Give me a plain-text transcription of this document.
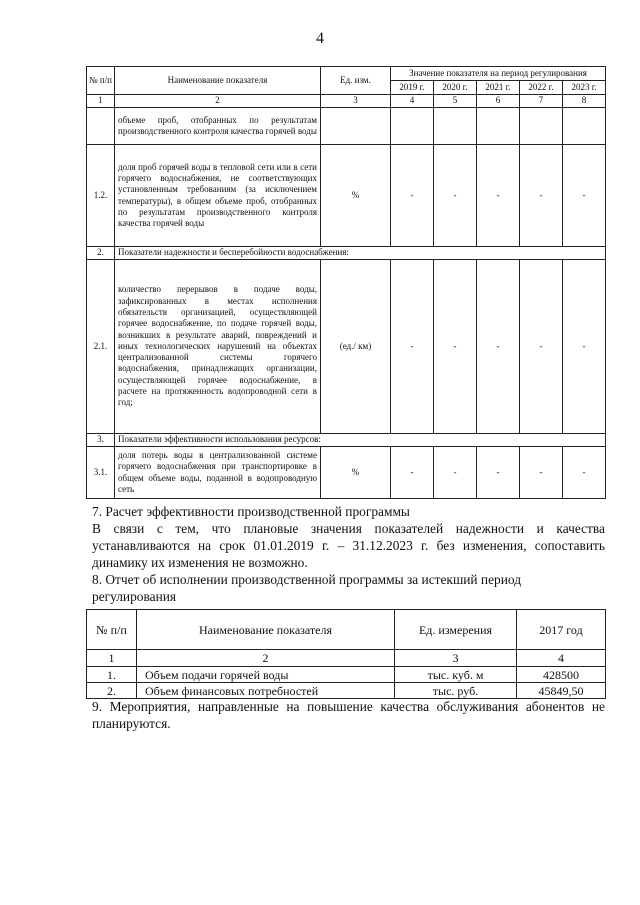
4
№ п/п	Наименование показателя	Ед. изм.	Значение показателя на период регулирования				
			2019 г.	2020 г.	2021 г.	2022 г.	2023 г.
1	2	3	4	5	6	7	8
	объеме проб, отобранных по результатам производственного контроля качества горячей воды						
1.2.	доля проб горячей воды в тепловой сети или в сети горячего водоснабжения, не соответствующих установленным требованиям (за исключением температуры), в общем объеме проб, отобранных по результатам производственного контроля качества горячей воды	%	-	-	-	-	-
2.	Показатели надежности и бесперебойности водоснабжения:						
2.1.	количество перерывов в подаче воды, зафиксированных в местах исполнения обязательств организацией, осуществляющей горячее водоснабжение, по подаче горячей воды, возникших в результате аварий, повреждений и иных технологических нарушений на объектах централизованной системы горячего водоснабжения, принадлежащих организации, осуществляющей горячее водоснабжение, в расчете на протяженность водопроводной сети в год;	(ед./ км)	-	-	-	-	-
3.	Показатели эффективности использования ресурсов:						
3.1.	доля потерь воды в централизованной системе горячего водоснабжения при транспортировке в общем объеме воды, поданной в водопроводную сеть	%	-	-	-	-	-
7. Расчет эффективности производственной программы
В связи с тем, что плановые значения показателей надежности и качества устанавливаются на срок 01.01.2019 г. – 31.12.2023 г. без изменения, сопоставить динамику их изменения не возможно.
8. Отчет об исполнении производственной программы за истекший период регулирования
№ п/п	Наименование показателя	Ед. измерения	2017 год
1	2	3	4
1.	Объем подачи горячей воды	тыс. куб. м	428500
2.	Объем финансовых потребностей	тыс. руб.	45849,50
9. Мероприятия, направленные на повышение качества обслуживания абонентов не планируются.
